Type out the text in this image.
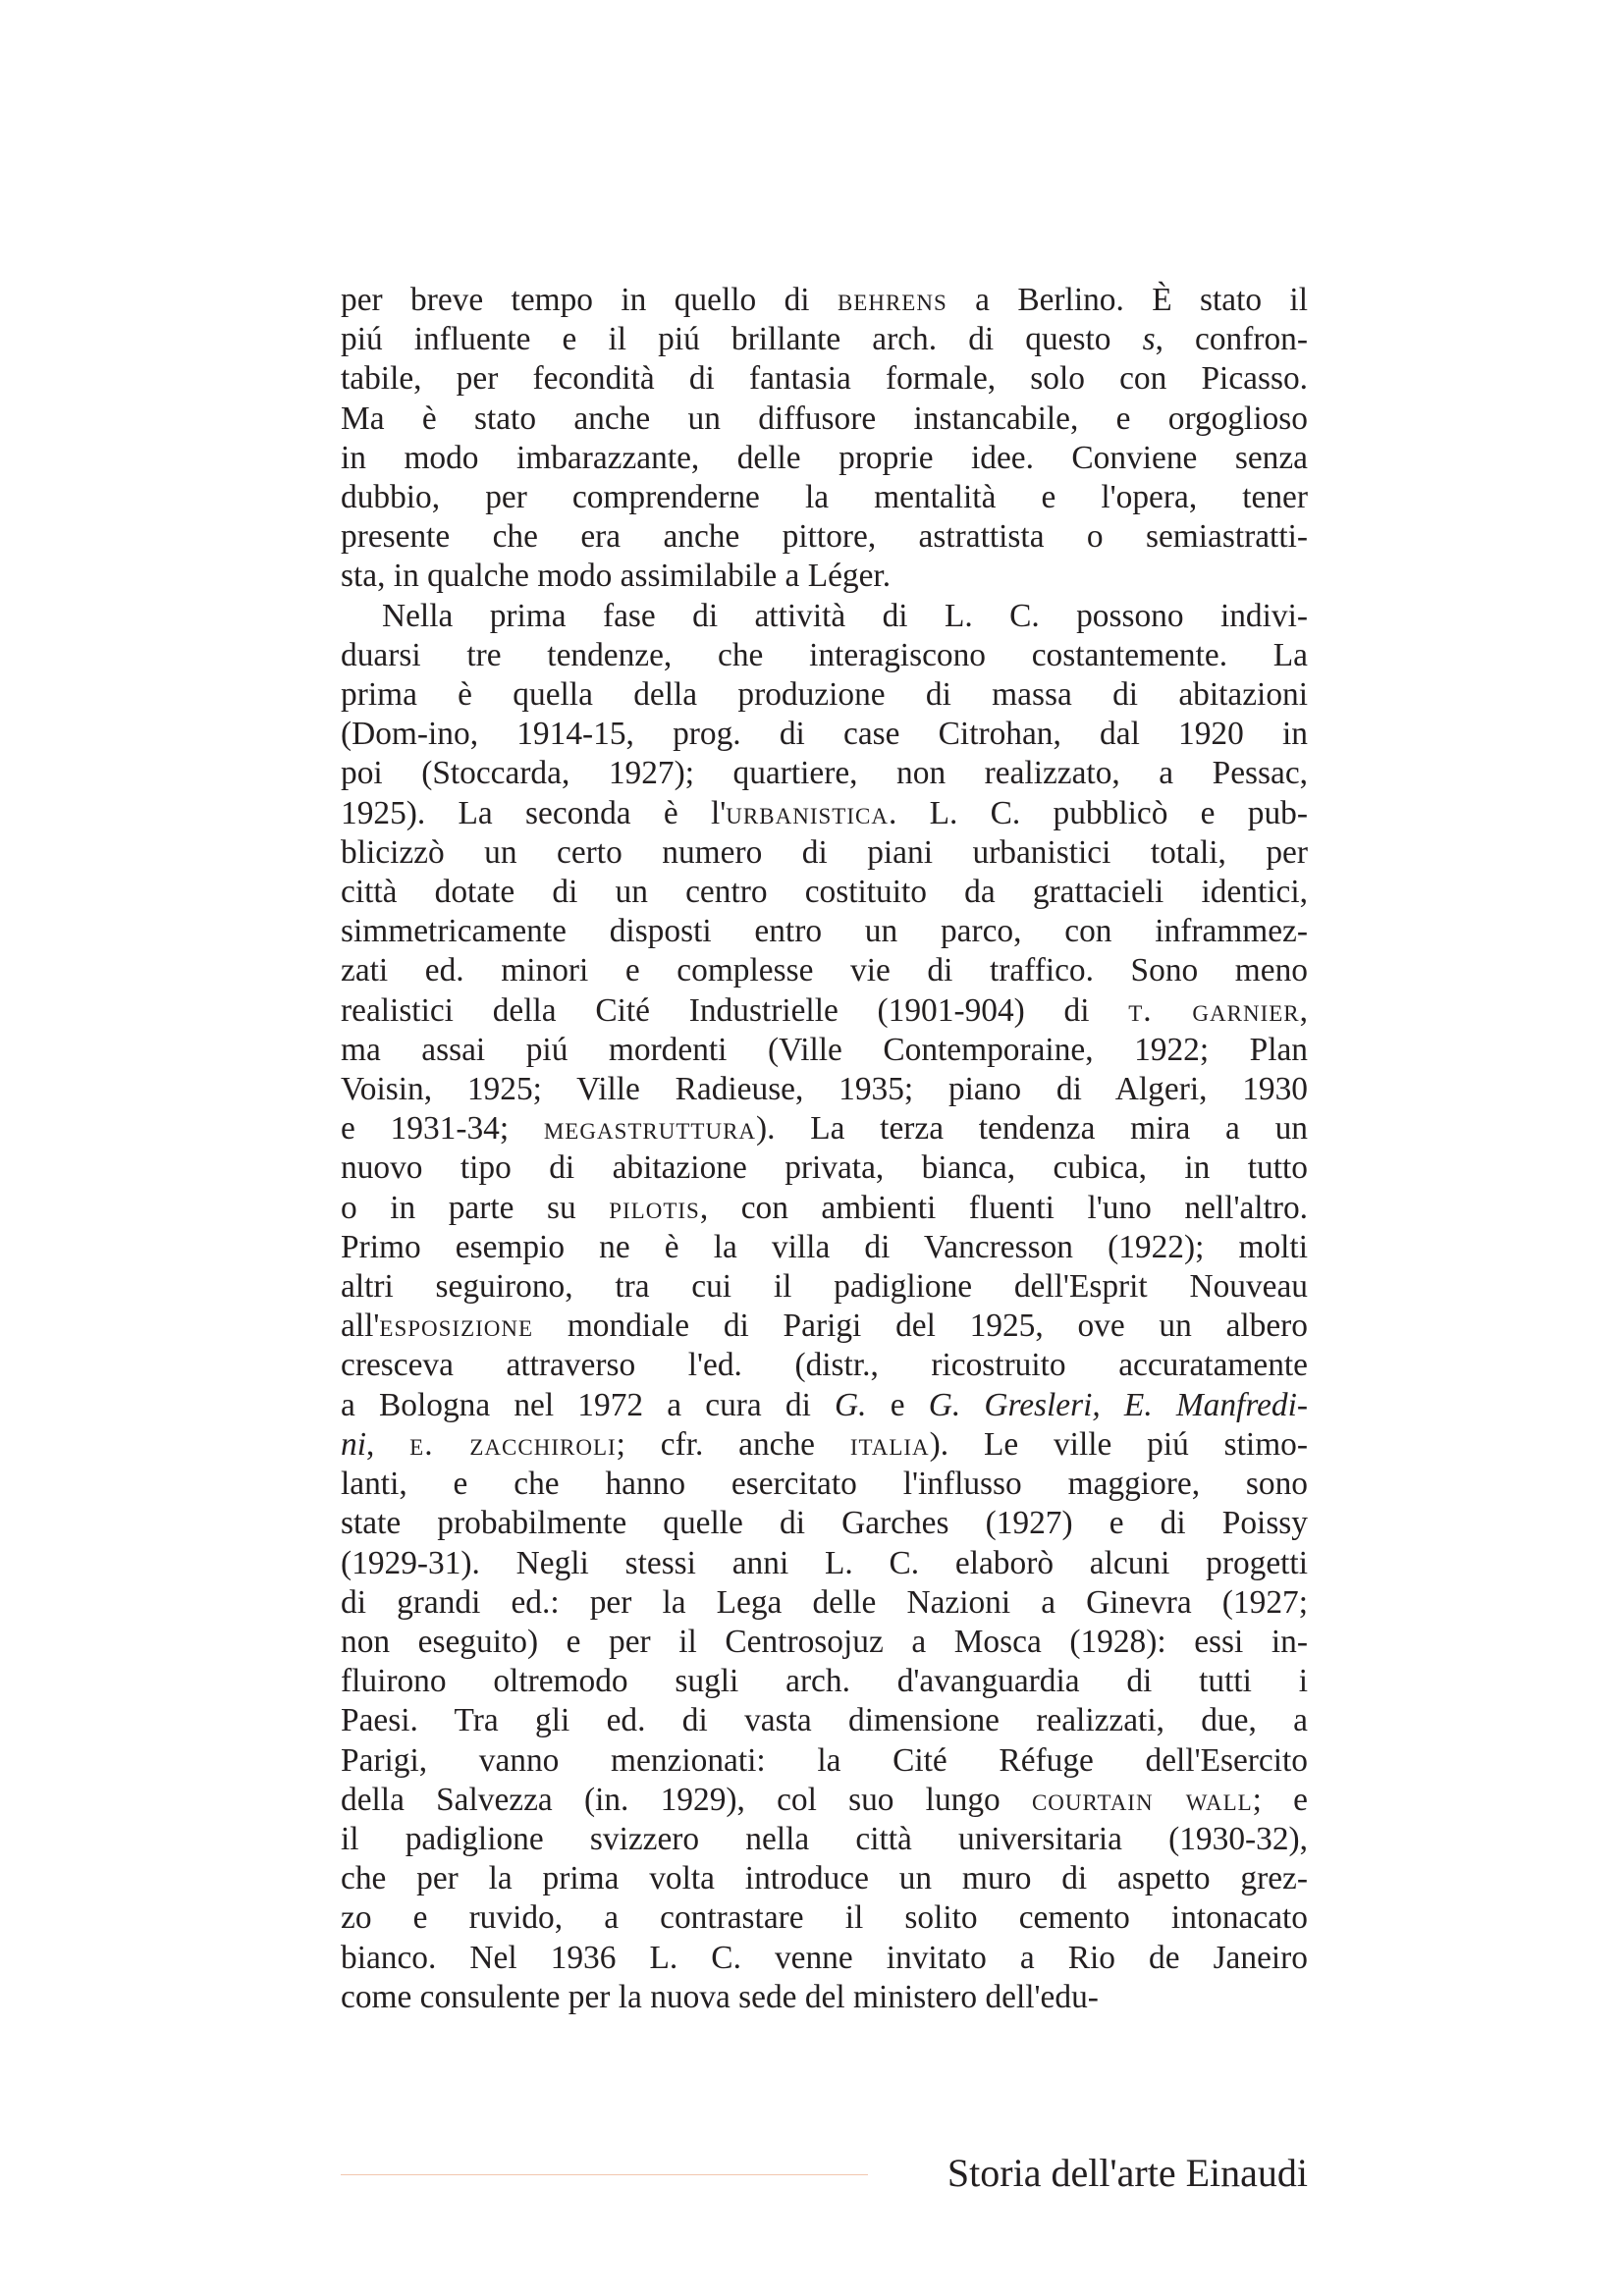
per breve tempo in quello di behrens a Berlino. È stato il
piú influente e il piú brillante arch. di questo s, confron-
tabile, per fecondità di fantasia formale, solo con Picasso.
Ma è stato anche un diffusore instancabile, e orgoglioso
in modo imbarazzante, delle proprie idee. Conviene senza
dubbio, per comprenderne la mentalità e l'opera, tener
presente che era anche pittore, astrattista o semiastratti-
sta, in qualche modo assimilabile a Léger.
Nella prima fase di attività di L. C. possono indivi-
duarsi tre tendenze, che interagiscono costantemente. La
prima è quella della produzione di massa di abitazioni
(Dom-ino, 1914-15, prog. di case Citrohan, dal 1920 in
poi (Stoccarda, 1927); quartiere, non realizzato, a Pessac,
1925). La seconda è l'urbanistica. L. C. pubblicò e pub-
blicizzò un certo numero di piani urbanistici totali, per
città dotate di un centro costituito da grattacieli identici,
simmetricamente disposti entro un parco, con inframmez-
zati ed. minori e complesse vie di traffico. Sono meno
realistici della Cité Industrielle (1901-904) di t. garnier,
ma assai piú mordenti (Ville Contemporaine, 1922; Plan
Voisin, 1925; Ville Radieuse, 1935; piano di Algeri, 1930
e 1931-34; megastruttura). La terza tendenza mira a un
nuovo tipo di abitazione privata, bianca, cubica, in tutto
o in parte su pilotis, con ambienti fluenti l'uno nell'altro.
Primo esempio ne è la villa di Vancresson (1922); molti
altri seguirono, tra cui il padiglione dell'Esprit Nouveau
all'esposizione mondiale di Parigi del 1925, ove un albero
cresceva attraverso l'ed. (distr., ricostruito accuratamente
a Bologna nel 1972 a cura di G. e G. Gresleri, E. Manfredi-
ni, e. zacchiroli; cfr. anche italia). Le ville piú stimo-
lanti, e che hanno esercitato l'influsso maggiore, sono
state probabilmente quelle di Garches (1927) e di Poissy
(1929-31). Negli stessi anni L. C. elaborò alcuni progetti
di grandi ed.: per la Lega delle Nazioni a Ginevra (1927;
non eseguito) e per il Centrosojuz a Mosca (1928): essi in-
fluirono oltremodo sugli arch. d'avanguardia di tutti i
Paesi. Tra gli ed. di vasta dimensione realizzati, due, a
Parigi, vanno menzionati: la Cité Réfuge dell'Esercito
della Salvezza (in. 1929), col suo lungo courtain wall; e
il padiglione svizzero nella città universitaria (1930-32),
che per la prima volta introduce un muro di aspetto grez-
zo e ruvido, a contrastare il solito cemento intonacato
bianco. Nel 1936 L. C. venne invitato a Rio de Janeiro
come consulente per la nuova sede del ministero dell'edu-
Storia dell'arte Einaudi
